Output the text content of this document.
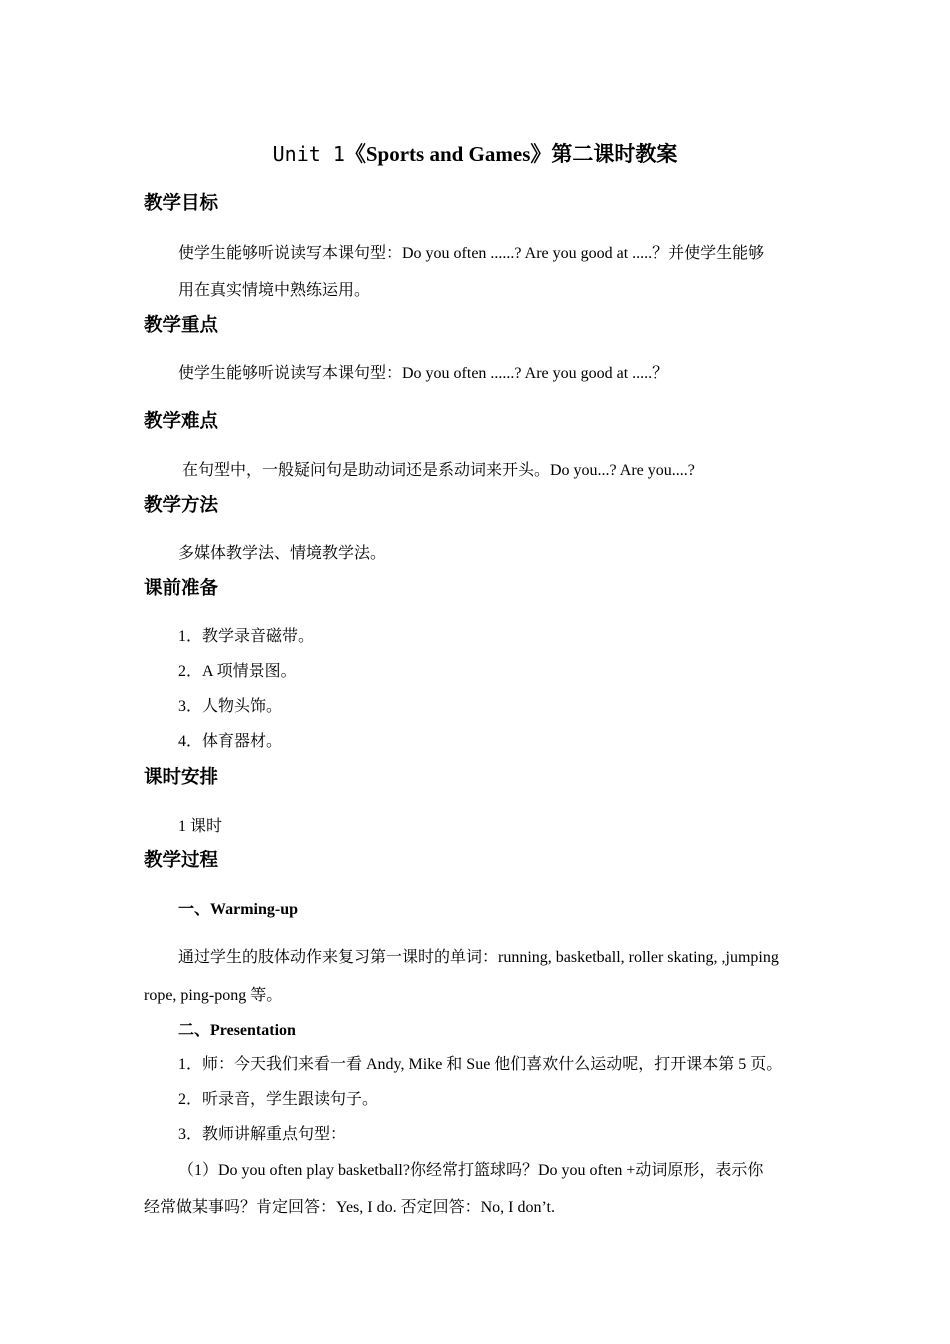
Unit 1《Sports and Games》第二课时教案
教学目标
使学生能够听说读写本课句型：Do you often ......? Are you good at .....？并使学生能够
用在真实情境中熟练运用。
教学重点
使学生能够听说读写本课句型：Do you often ......? Are you good at .....？
教学难点
在句型中，一般疑问句是助动词还是系动词来开头。Do you...? Are you....?
教学方法
多媒体教学法、情境教学法。
课前准备
1．教学录音磁带。
2．A 项情景图。
3．人物头饰。
4．体育器材。
课时安排
1 课时
教学过程
一、Warming-up
通过学生的肢体动作来复习第一课时的单词：running, basketball, roller skating, ,jumping
rope, ping-pong 等。
二、Presentation
1．师：今天我们来看一看 Andy, Mike 和 Sue 他们喜欢什么运动呢，打开课本第 5 页。
2．听录音，学生跟读句子。
3．教师讲解重点句型：
（1）Do you often play basketball?你经常打篮球吗？Do you often +动词原形，表示你
经常做某事吗？肯定回答：Yes, I do. 否定回答：No, I don’t.
